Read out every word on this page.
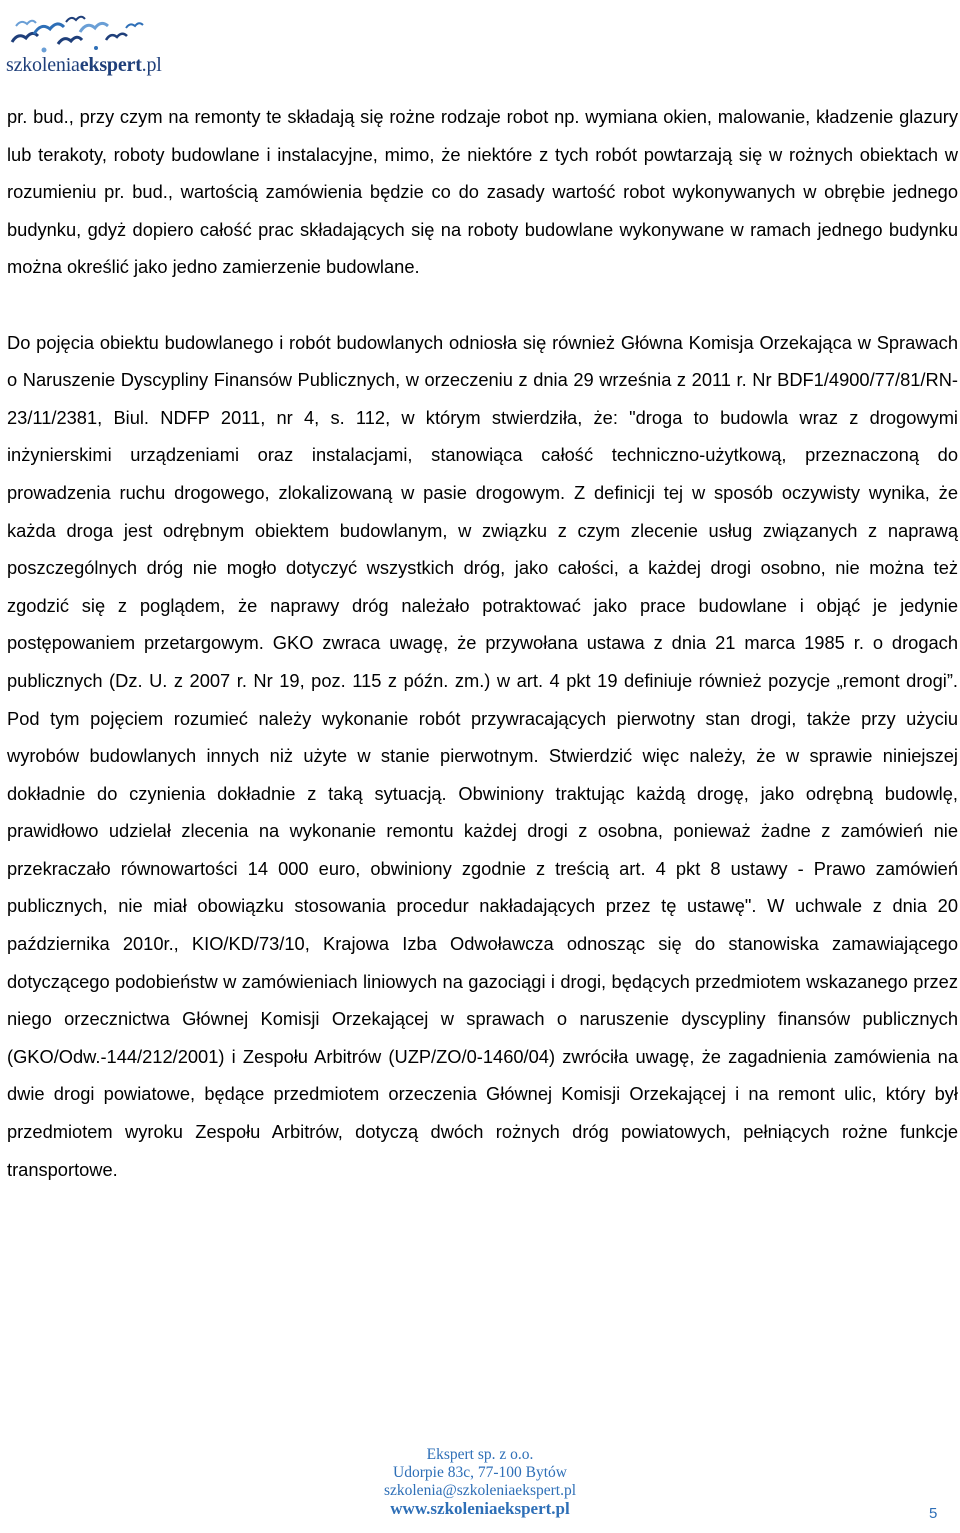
szkoleniaekspert.pl

pr. bud., przy czym na remonty te składają się rożne rodzaje robot np. wymiana okien, malowanie, kładzenie glazury lub terakoty, roboty budowlane i instalacyjne, mimo, że niektóre z tych robót powtarzają się w rożnych obiektach w rozumieniu pr. bud., wartością zamówienia będzie co do zasady wartość robot wykonywanych w obrębie jednego budynku, gdyż dopiero całość prac składających się na roboty budowlane wykonywane w ramach jednego budynku można określić jako jedno zamierzenie budowlane.

Do pojęcia obiektu budowlanego i robót budowlanych odniosła się również Główna Komisja Orzekająca w Sprawach o Naruszenie Dyscypliny Finansów Publicznych, w orzeczeniu z dnia 29 września z 2011 r. Nr BDF1/4900/77/81/RN-23/11/2381, Biul. NDFP 2011, nr 4, s. 112, w którym stwierdziła, że: "droga to budowla wraz z drogowymi inżynierskimi urządzeniami oraz instalacjami, stanowiąca całość techniczno-użytkową, przeznaczoną do prowadzenia ruchu drogowego, zlokalizowaną w pasie drogowym. Z definicji tej w sposób oczywisty wynika, że każda droga jest odrębnym obiektem budowlanym, w związku z czym zlecenie usług związanych z naprawą poszczególnych dróg nie mogło dotyczyć wszystkich dróg, jako całości, a każdej drogi osobno, nie można też zgodzić się z poglądem, że naprawy dróg należało potraktować jako prace budowlane i objąć je jedynie postępowaniem przetargowym. GKO zwraca uwagę, że przywołana ustawa z dnia 21 marca 1985 r. o drogach publicznych (Dz. U. z 2007 r. Nr 19, poz. 115 z późn. zm.) w art. 4 pkt 19 definiuje również pozycje „remont drogi”. Pod tym pojęciem rozumieć należy wykonanie robót przywracających pierwotny stan drogi, także przy użyciu wyrobów budowlanych innych niż użyte w stanie pierwotnym. Stwierdzić więc należy, że w sprawie niniejszej dokładnie do czynienia dokładnie z taką sytuacją. Obwiniony traktując każdą drogę, jako odrębną budowlę, prawidłowo udzielał zlecenia na wykonanie remontu każdej drogi z osobna, ponieważ żadne z zamówień nie przekraczało równowartości 14 000 euro, obwiniony zgodnie z treścią art. 4 pkt 8 ustawy - Prawo zamówień publicznych, nie miał obowiązku stosowania procedur nakładających przez tę ustawę". W uchwale z dnia 20 października 2010r., KIO/KD/73/10, Krajowa Izba Odwoławcza odnosząc się do stanowiska zamawiającego dotyczącego podobieństw w zamówieniach liniowych na gazociągi i drogi, będących przedmiotem wskazanego przez niego orzecznictwa Głównej Komisji Orzekającej w sprawach o naruszenie dyscypliny finansów publicznych (GKO/Odw.-144/212/2001) i Zespołu Arbitrów (UZP/ZO/0-1460/04) zwróciła uwagę, że zagadnienia zamówienia na dwie drogi powiatowe, będące przedmiotem orzeczenia Głównej Komisji Orzekającej i na remont ulic, który był przedmiotem wyroku Zespołu Arbitrów, dotyczą dwóch rożnych dróg powiatowych, pełniących rożne funkcje transportowe.

Ekspert sp. z o.o.
Udorpie 83c, 77-100 Bytów
szkolenia@szkoleniaekspert.pl
www.szkoleniaekspert.pl	5
